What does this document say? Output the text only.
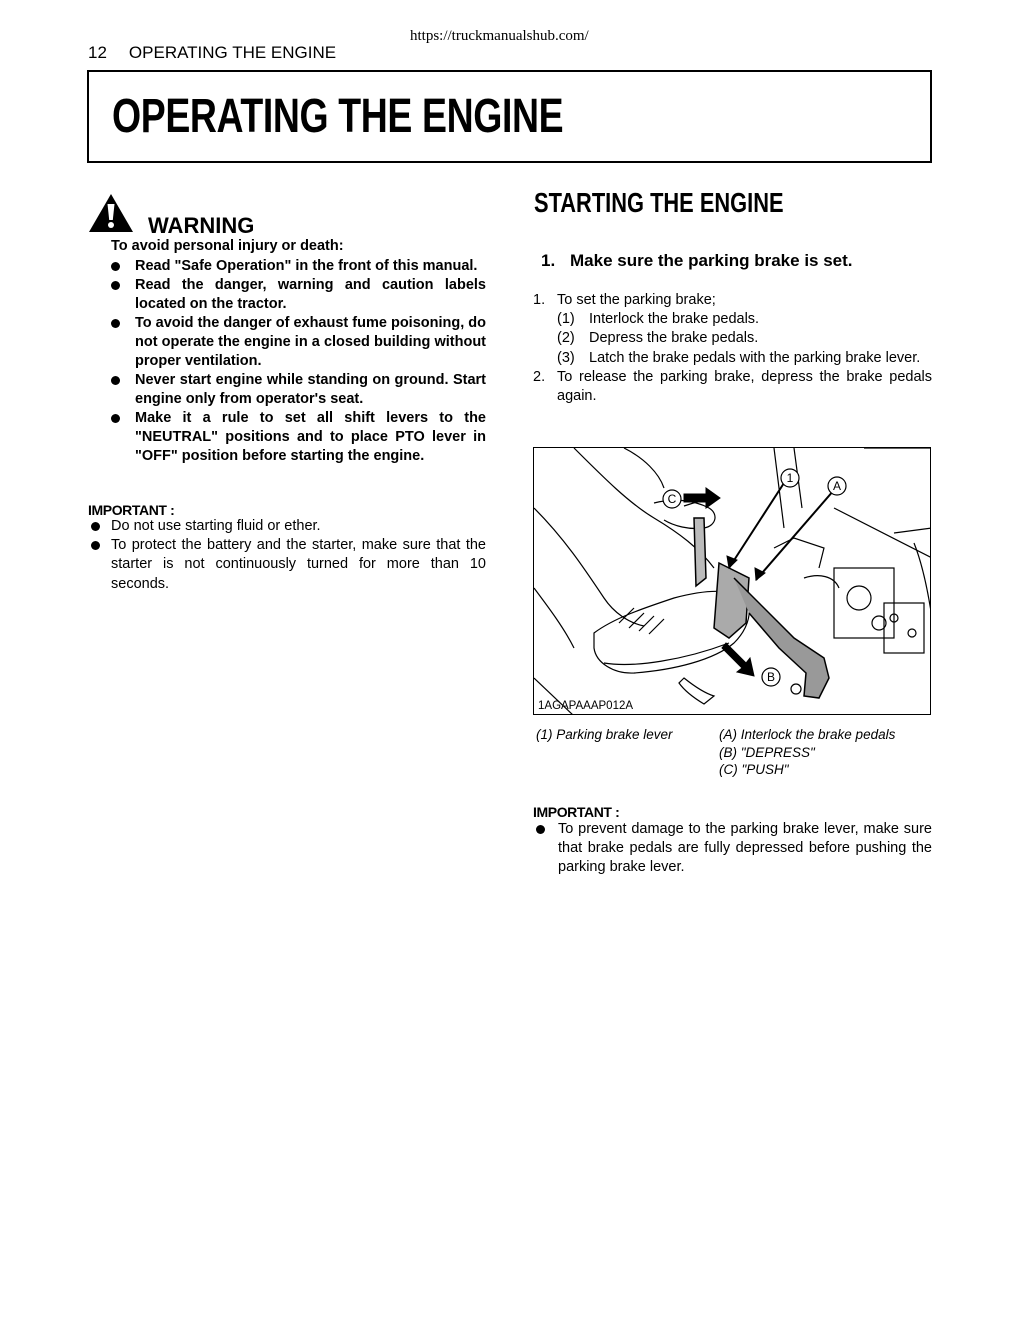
https://truckmanualshub.com/
12 OPERATING THE ENGINE
OPERATING THE ENGINE
WARNING
To avoid personal injury or death:
Read "Safe Operation" in the front of this manual.
Read the danger, warning and caution labels located on the tractor.
To avoid the danger of exhaust fume poisoning, do not operate the engine in a closed building without proper ventilation.
Never start engine while standing on ground. Start engine only from operator's seat.
Make it a rule to set all shift levers to the "NEUTRAL" positions and to place PTO lever in "OFF" position before starting the engine.
IMPORTANT :
Do not use starting fluid or ether.
To protect the battery and the starter, make sure that the starter is not continuously turned for more than 10 seconds.
STARTING THE ENGINE
1. Make sure the parking brake is set.
1. To set the parking brake;
(1) Interlock the brake pedals.
(2) Depress the brake pedals.
(3) Latch the brake pedals with the parking brake lever.
2. To release the parking brake, depress the brake pedals again.
1
A
C
B
1AGAPAAAP012A
(1) Parking brake lever	(A) Interlock the brake pedals
(B) "DEPRESS"
(C) "PUSH"
IMPORTANT :
To prevent damage to the parking brake lever, make sure that brake pedals are fully depressed before pushing the parking brake lever.
